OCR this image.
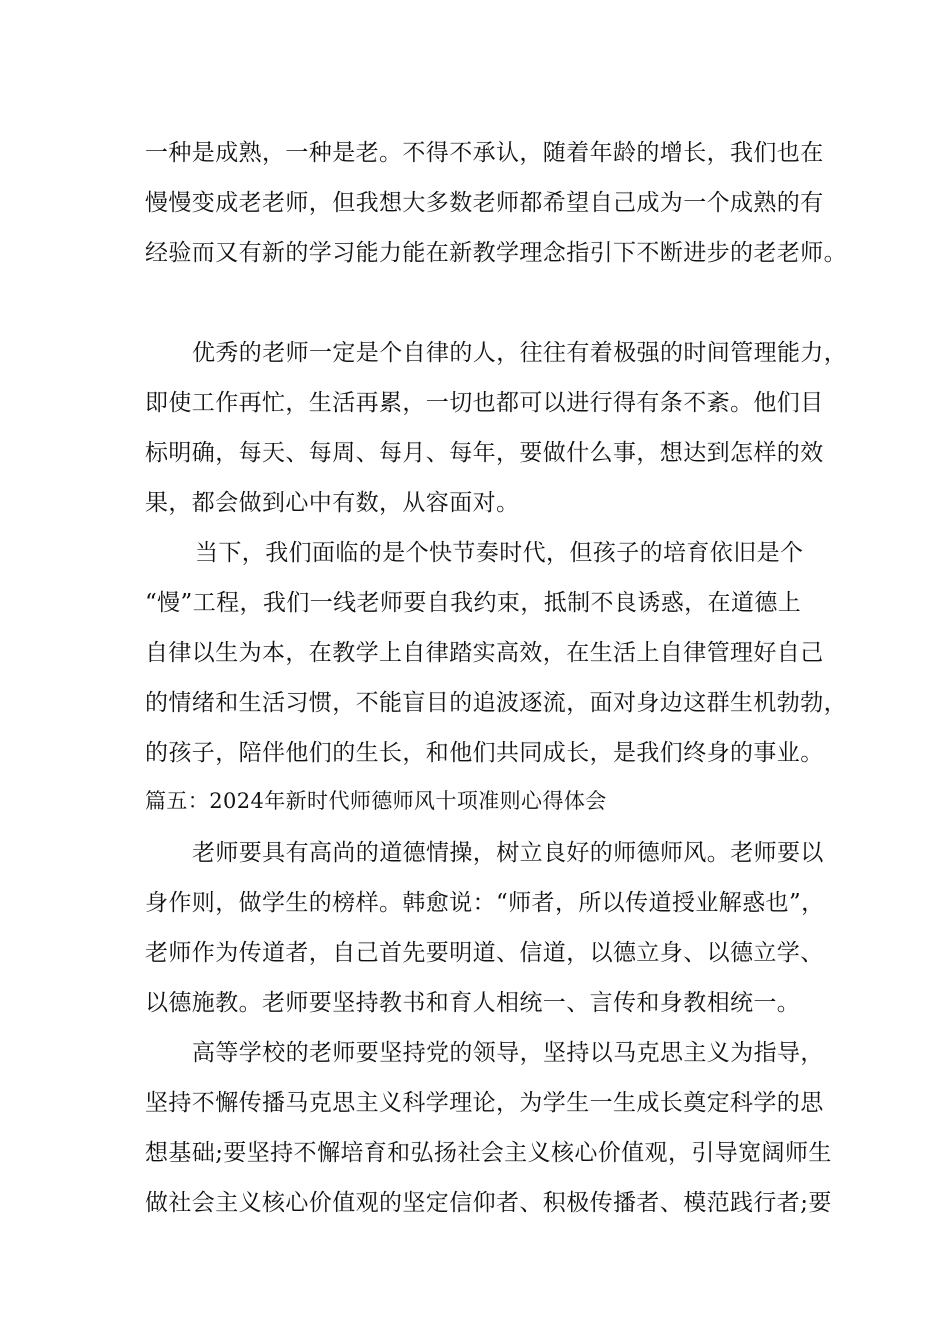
一种是成熟，一种是老。不得不承认，随着年龄的增长，我们也在
慢慢变成老老师，但我想大多数老师都希望自己成为一个成熟的有
经验而又有新的学习能力能在新教学理念指引下不断进步的老老师。
优秀的老师一定是个自律的人，往往有着极强的时间管理能力，
即使工作再忙，生活再累，一切也都可以进行得有条不紊。他们目
标明确，每天、每周、每月、每年，要做什么事，想达到怎样的效
果，都会做到心中有数，从容面对。
当下，我们面临的是个快节奏时代，但孩子的培育依旧是个
“慢”工程，我们一线老师要自我约束，抵制不良诱惑，在道德上
自律以生为本，在教学上自律踏实高效，在生活上自律管理好自己
的情绪和生活习惯，不能盲目的追波逐流，面对身边这群生机勃勃，
的孩子，陪伴他们的生长，和他们共同成长，是我们终身的事业。
篇五：2024年新时代师德师风十项准则心得体会
老师要具有高尚的道德情操，树立良好的师德师风。老师要以
身作则，做学生的榜样。韩愈说：“师者，所以传道授业解惑也”，
老师作为传道者，自己首先要明道、信道，以德立身、以德立学、
以德施教。老师要坚持教书和育人相统一、言传和身教相统一。
高等学校的老师要坚持党的领导，坚持以马克思主义为指导，
坚持不懈传播马克思主义科学理论，为学生一生成长奠定科学的思
想基础;要坚持不懈培育和弘扬社会主义核心价值观，引导宽阔师生
做社会主义核心价值观的坚定信仰者、积极传播者、模范践行者;要
